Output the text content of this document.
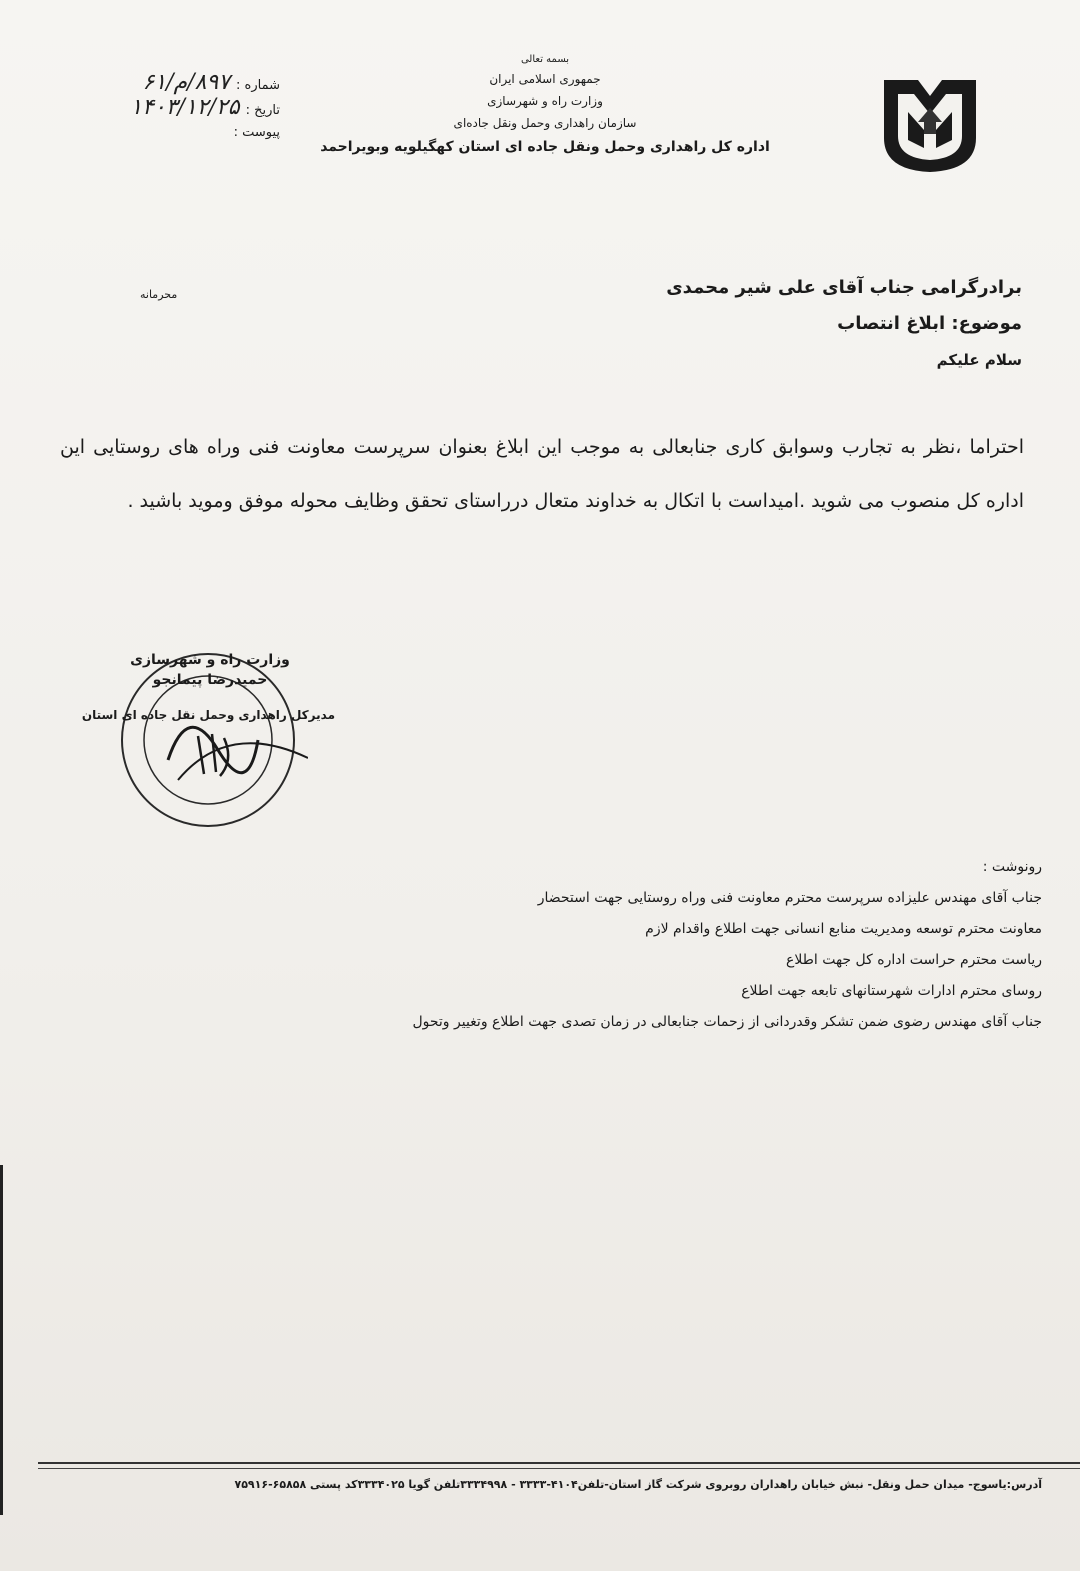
بسمه تعالی
جمهوری اسلامی ایران
وزارت راه و شهرسازی
سازمان راهداری وحمل ونقل جاده‌ای
اداره کل راهداری وحمل ونقل جاده ای استان کهگیلویه وبویراحمد
شماره :
۸۹۷/م/۶۱
تاریخ :
۱۴۰۳/۱۲/۲۵
پیوست :
محرمانه	برادرگرامی جناب آقای علی شیر محمدی
موضوع: ابلاغ انتصاب
سلام علیکم
احتراما ،نظر به تجارب وسوابق کاری جنابعالی به موجب این ابلاغ بعنوان سرپرست معاونت فنی وراه های روستایی این اداره کل منصوب می شوید .امیداست با اتکال به خداوند متعال درراستای تحقق وظایف محوله موفق وموید باشید .
وزارت راه و شهرسازی
حمیدرضا پیمانجو
مدیرکل راهداری وحمل نقل جاده ای استان
رونوشت :
جناب آقای مهندس علیزاده سرپرست محترم معاونت فنی وراه روستایی جهت استحضار
معاونت محترم توسعه ومدیریت منابع انسانی جهت اطلاع واقدام لازم
ریاست محترم حراست اداره کل جهت اطلاع
روسای محترم ادارات شهرستانهای تابعه جهت اطلاع
جناب آقای مهندس رضوی ضمن تشکر وقدردانی از زحمات جنابعالی در زمان تصدی جهت اطلاع وتغییر وتحول
آدرس:یاسوج- میدان حمل ونقل- نبش خیابان راهداران روبروی شرکت گاز استان-تلفن۴۱۰۴-۳۳۳۳ - ۳۳۳۴۹۹۸تلفن گویا ۳۳۳۴۰۲۵کد پستی ۶۵۸۵۸-۷۵۹۱۶
